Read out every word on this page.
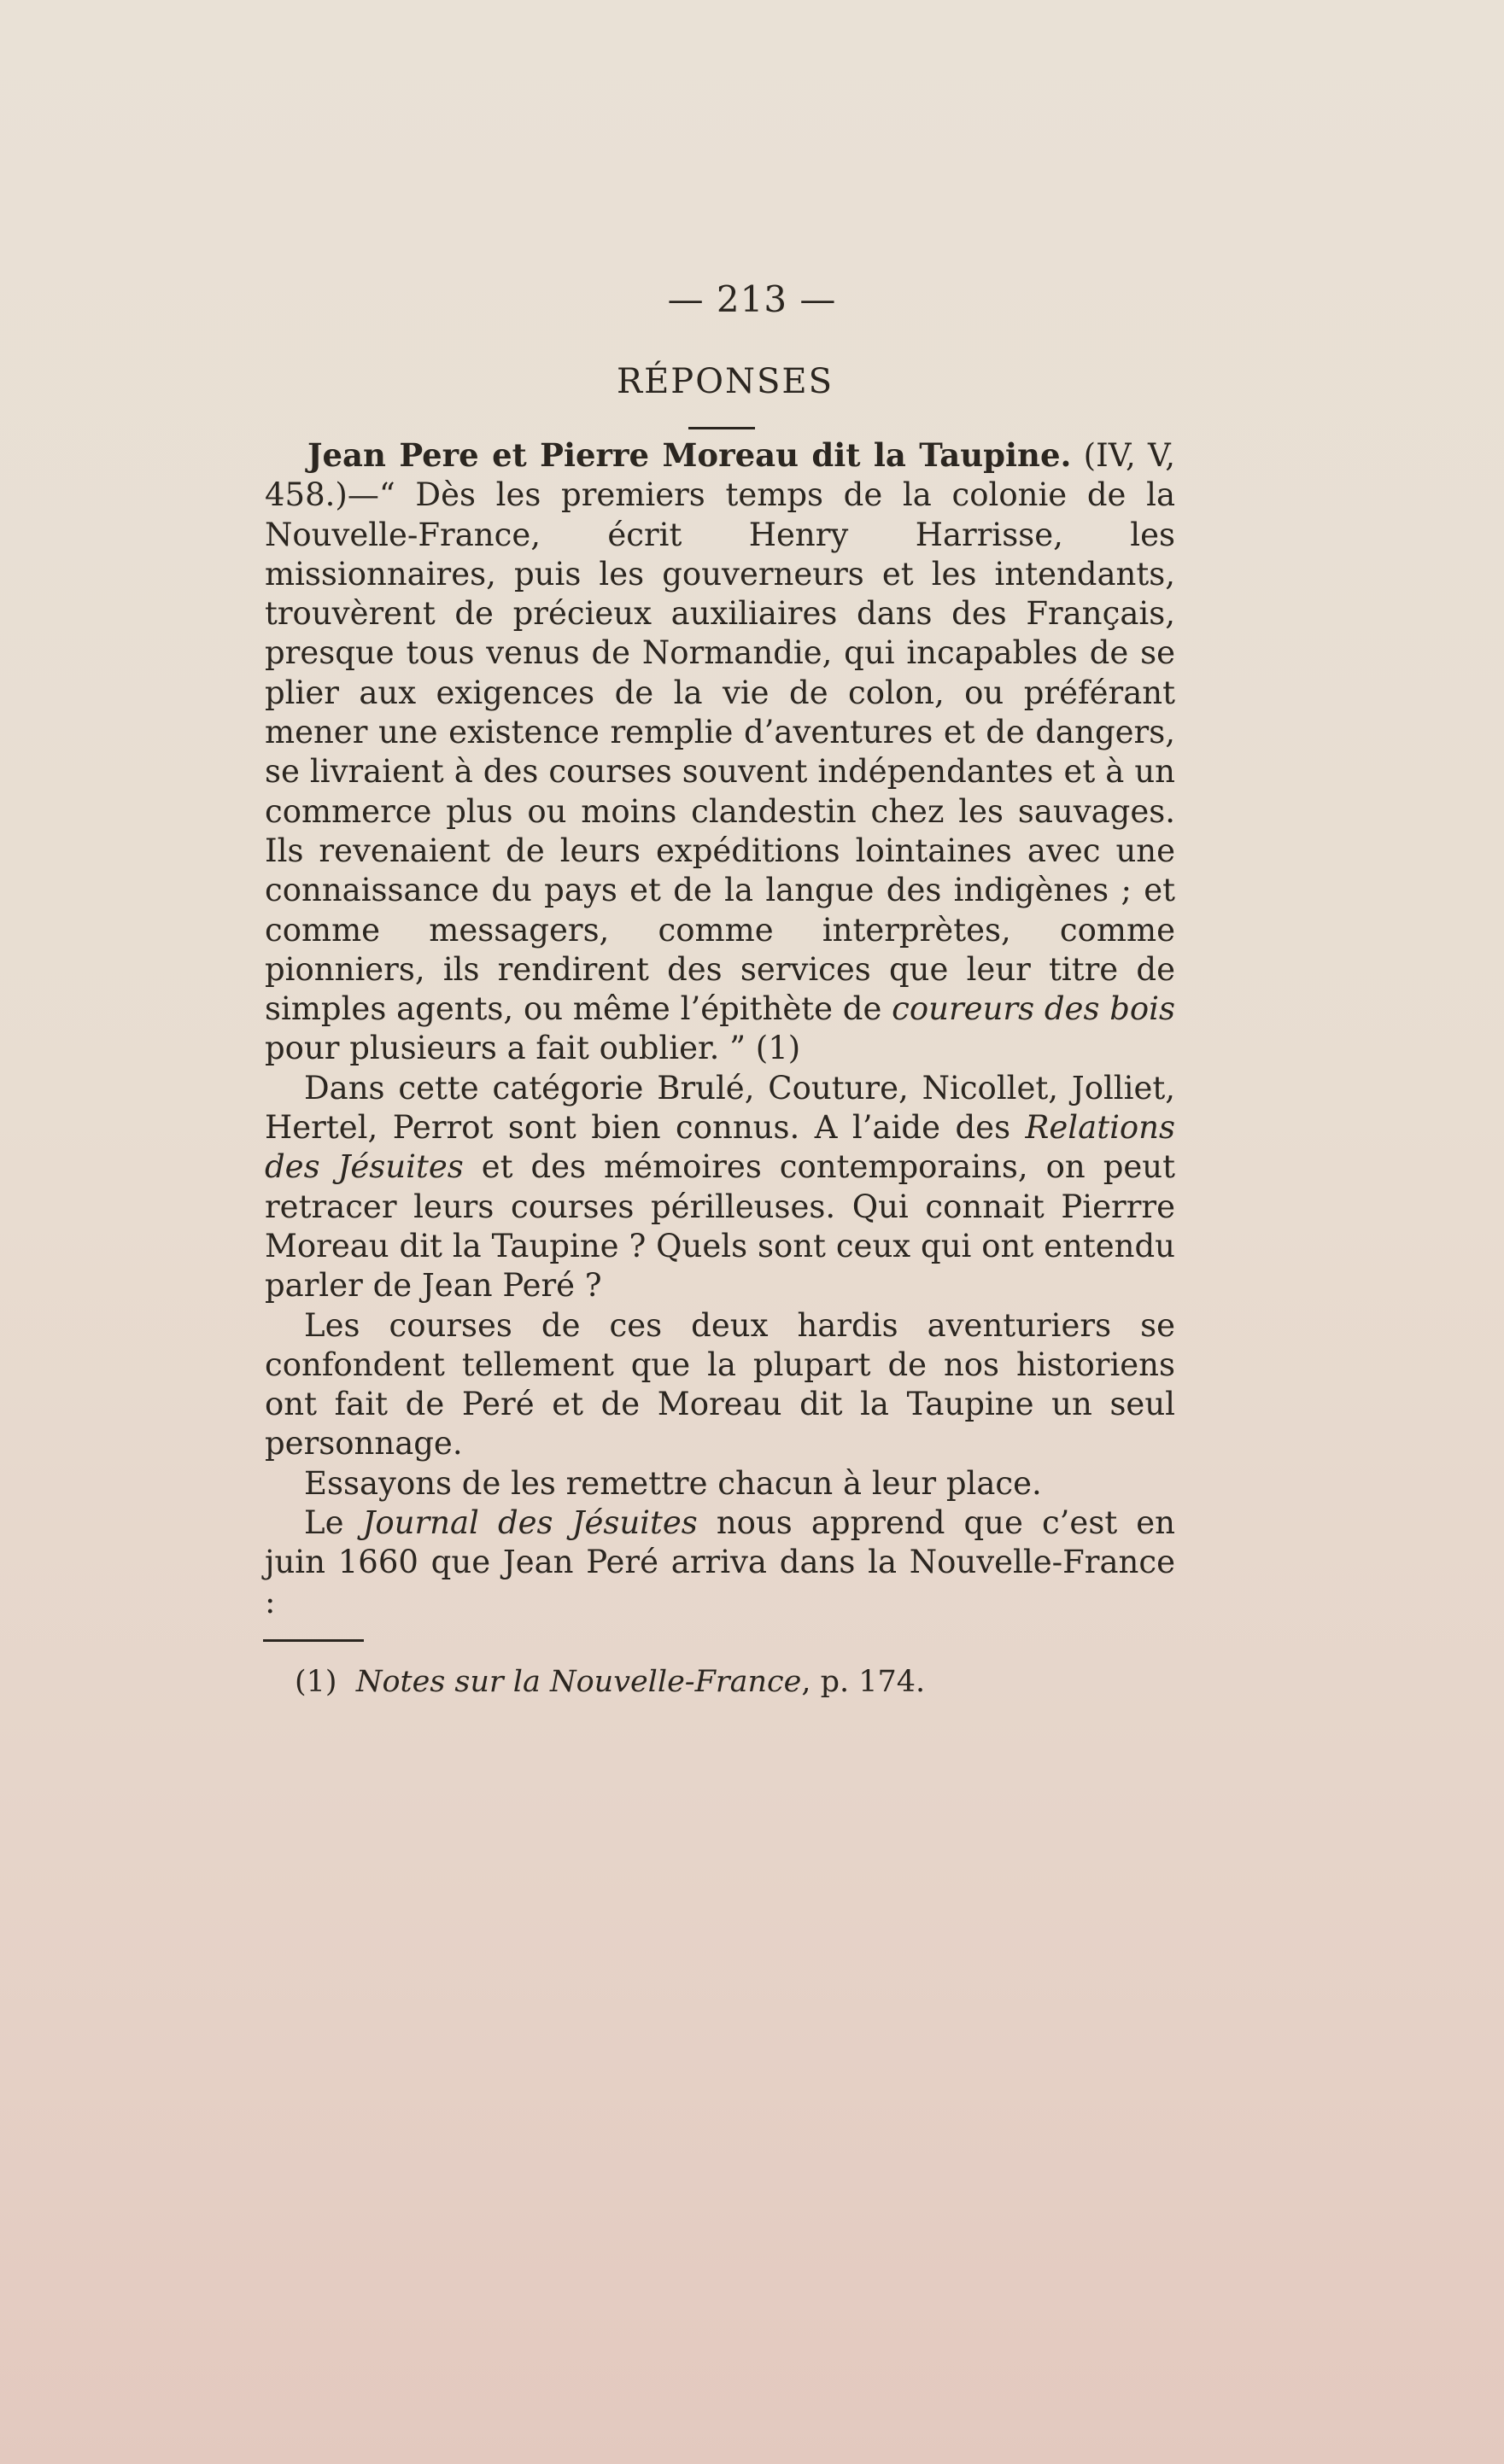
— 213 —
RÉPONSES

Jean Pere et Pierre Moreau dit la Taupine. (IV, V, 458.)—“ Dès les premiers temps de la colonie de la Nouvelle-France, écrit Henry Harrisse, les missionnaires, puis les gouverneurs et les intendants, trouvèrent de précieux auxiliaires dans des Français, presque tous venus de Normandie, qui incapables de se plier aux exigences de la vie de colon, ou préférant mener une existence remplie d’aventures et de dangers, se livraient à des courses souvent indépendantes et à un commerce plus ou moins clandestin chez les sauvages. Ils revenaient de leurs expéditions lointaines avec une connaissance du pays et de la langue des indigènes ; et comme messagers, comme interprètes, comme pionniers, ils rendirent des services que leur titre de simples agents, ou même l’épithète de coureurs des bois pour plusieurs a fait oublier. ” (1)

Dans cette catégorie Brulé, Couture, Nicollet, Jolliet, Hertel, Perrot sont bien connus. A l’aide des Relations des Jésuites et des mémoires contemporains, on peut retracer leurs courses périlleuses. Qui connait Pierrre Moreau dit la Taupine ? Quels sont ceux qui ont entendu parler de Jean Peré ?

Les courses de ces deux hardis aventuriers se confondent tellement que la plupart de nos historiens ont fait de Peré et de Moreau dit la Taupine un seul personnage.

Essayons de les remettre chacun à leur place.

Le Journal des Jésuites nous apprend que c’est en juin 1660 que Jean Peré arriva dans la Nouvelle-France :

(1) Notes sur la Nouvelle-France, p. 174.
